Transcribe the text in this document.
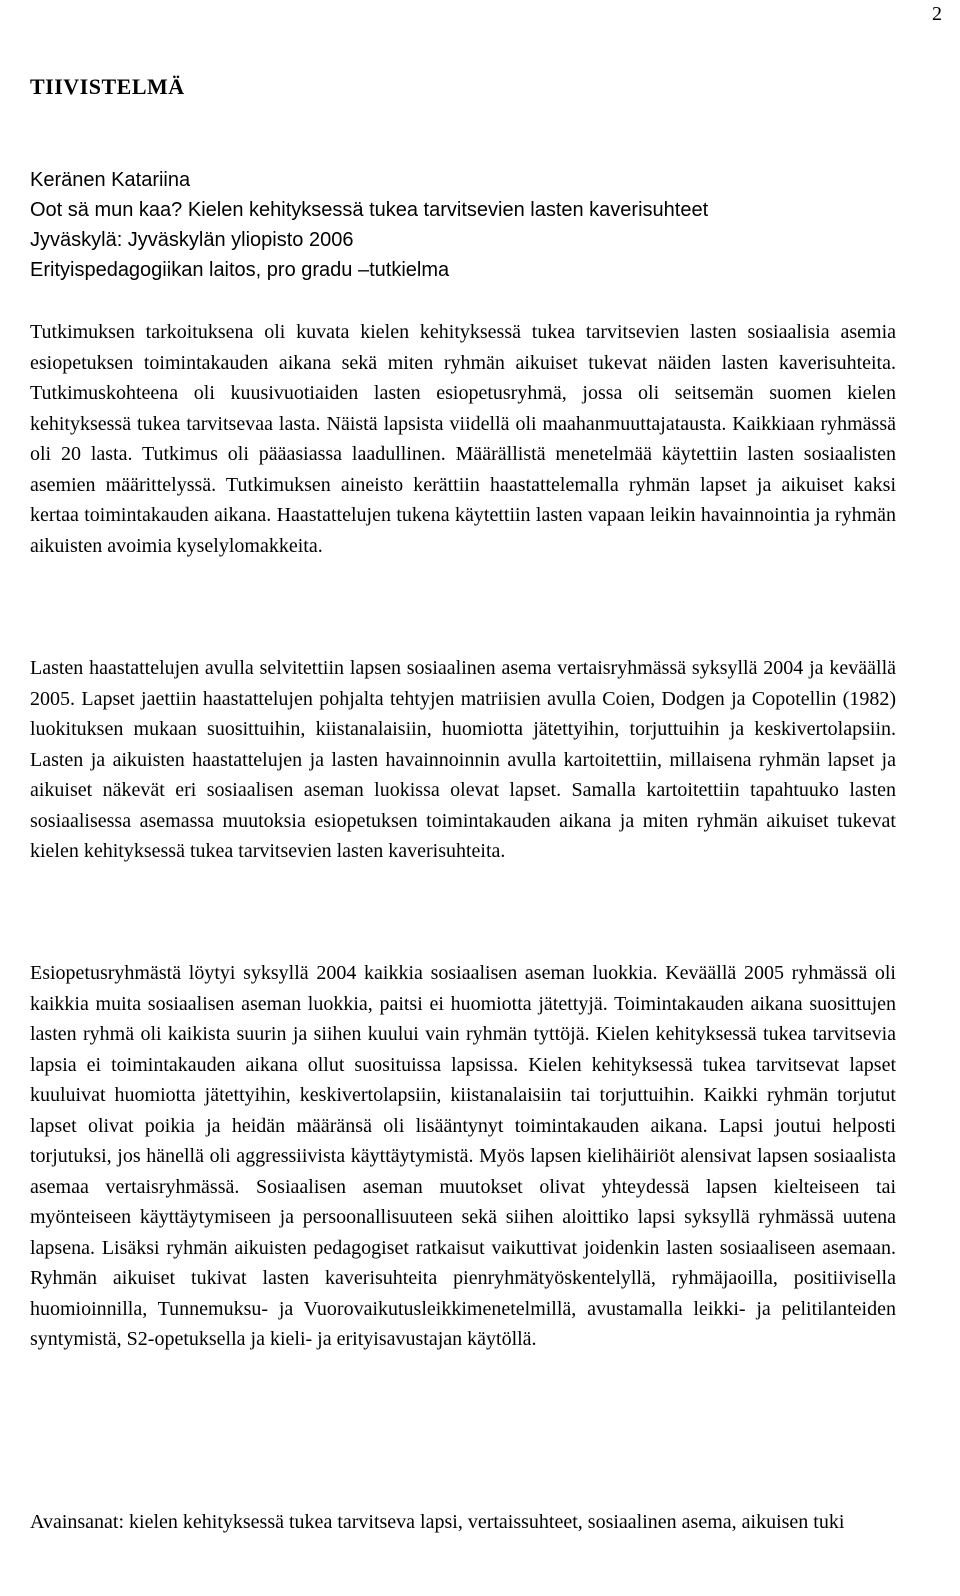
2
TIIVISTELMÄ
Keränen Katariina
Oot sä mun kaa? Kielen kehityksessä tukea tarvitsevien lasten kaverisuhteet
Jyväskylä: Jyväskylän yliopisto 2006
Erityispedagogiikan laitos, pro gradu –tutkielma

Tutkimuksen tarkoituksena oli kuvata kielen kehityksessä tukea tarvitsevien lasten sosiaalisia asemia esiopetuksen toimintakauden aikana sekä miten ryhmän aikuiset tukevat näiden lasten kaverisuhteita. Tutkimuskohteena oli kuusivuotiaiden lasten esiopetusryhmä, jossa oli seitsemän suomen kielen kehityksessä tukea tarvitsevaa lasta. Näistä lapsista viidellä oli maahanmuuttajatausta. Kaikkiaan ryhmässä oli 20 lasta. Tutkimus oli pääasiassa laadullinen. Määrällistä menetelmää käytettiin lasten sosiaalisten asemien määrittelyssä. Tutkimuksen aineisto kerättiin haastattelemalla ryhmän lapset ja aikuiset kaksi kertaa toimintakauden aikana. Haastattelujen tukena käytettiin lasten vapaan leikin havainnointia ja ryhmän aikuisten avoimia kyselylomakkeita.

Lasten haastattelujen avulla selvitettiin lapsen sosiaalinen asema vertaisryhmässä syksyllä 2004 ja keväällä 2005. Lapset jaettiin haastattelujen pohjalta tehtyjen matriisien avulla Coien, Dodgen ja Copotellin (1982) luokituksen mukaan suosittuihin, kiistanalaisiin, huomiotta jätettyihin, torjuttuihin ja keskivertolapsiin. Lasten ja aikuisten haastattelujen ja lasten havainnoinnin avulla kartoitettiin, millaisena ryhmän lapset ja aikuiset näkevät eri sosiaalisen aseman luokissa olevat lapset. Samalla kartoitettiin tapahtuuko lasten sosiaalisessa asemassa muutoksia esiopetuksen toimintakauden aikana ja miten ryhmän aikuiset tukevat kielen kehityksessä tukea tarvitsevien lasten kaverisuhteita.

Esiopetusryhmästä löytyi syksyllä 2004 kaikkia sosiaalisen aseman luokkia. Keväällä 2005 ryhmässä oli kaikkia muita sosiaalisen aseman luokkia, paitsi ei huomiotta jätettyjä. Toimintakauden aikana suosittujen lasten ryhmä oli kaikista suurin ja siihen kuului vain ryhmän tyttöjä. Kielen kehityksessä tukea tarvitsevia lapsia ei toimintakauden aikana ollut suosituissa lapsissa. Kielen kehityksessä tukea tarvitsevat lapset kuuluivat huomiotta jätettyihin, keskivertolapsiin, kiistanalaisiin tai torjuttuihin. Kaikki ryhmän torjutut lapset olivat poikia ja heidän määränsä oli lisääntynyt toimintakauden aikana. Lapsi joutui helposti torjutuksi, jos hänellä oli aggressiivista käyttäytymistä. Myös lapsen kielihäiriöt alensivat lapsen sosiaalista asemaa vertaisryhmässä. Sosiaalisen aseman muutokset olivat yhteydessä lapsen kielteiseen tai myönteiseen käyttäytymiseen ja persoonallisuuteen sekä siihen aloittiko lapsi syksyllä ryhmässä uutena lapsena. Lisäksi ryhmän aikuisten pedagogiset ratkaisut vaikuttivat joidenkin lasten sosiaaliseen asemaan. Ryhmän aikuiset tukivat lasten kaverisuhteita pienryhmätyöskentelyllä, ryhmäjaoilla, positiivisella huomioinnilla, Tunnemuksu- ja Vuorovaikutusleikkimenetelmillä, avustamalla leikki- ja pelitilanteiden syntymistä, S2-opetuksella ja kieli- ja erityisavustajan käytöllä.

Avainsanat: kielen kehityksessä tukea tarvitseva lapsi, vertaissuhteet, sosiaalinen asema, aikuisen tuki
